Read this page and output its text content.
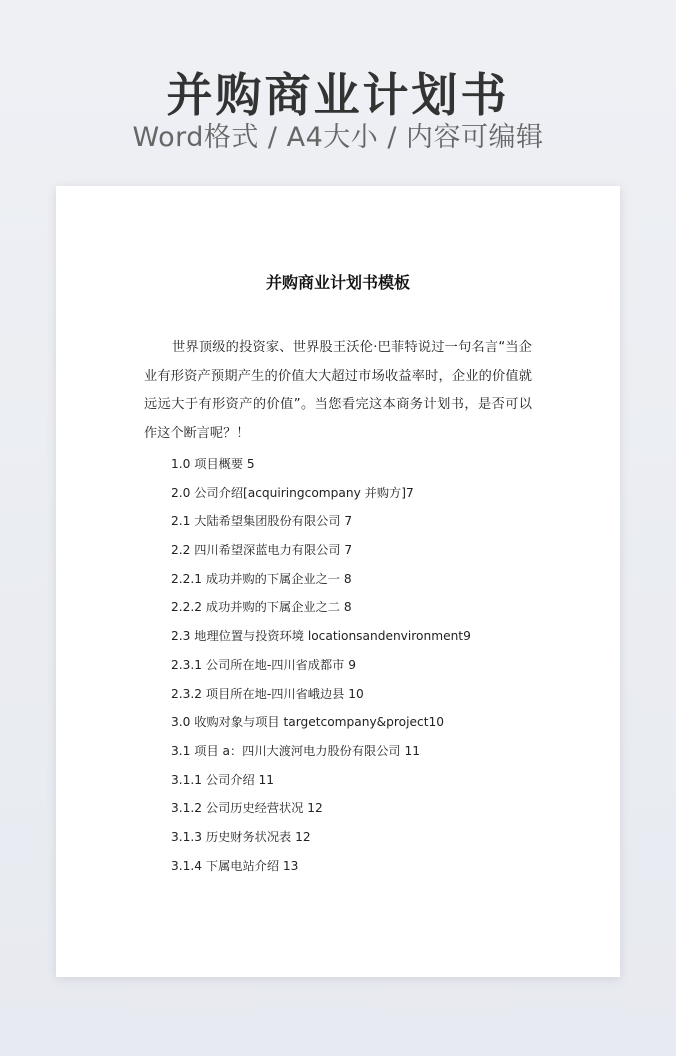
并购商业计划书
Word格式 / A4大小 / 内容可编辑
并购商业计划书模板

世界顶级的投资家、世界股王沃伦·巴菲特说过一句名言“当企业有形资产预期产生的价值大大超过市场收益率时，企业的价值就远远大于有形资产的价值”。当您看完这本商务计划书，是否可以作这个断言呢？！

1.0 项目概要 5
2.0 公司介绍[acquiringcompany 并购方]7
2.1 大陆希望集团股份有限公司 7
2.2 四川希望深蓝电力有限公司 7
2.2.1 成功并购的下属企业之一 8
2.2.2 成功并购的下属企业之二 8
2.3 地理位置与投资环境 locationsandenvironment9
2.3.1 公司所在地-四川省成都市 9
2.3.2 项目所在地-四川省峨边县 10
3.0 收购对象与项目 targetcompany&project10
3.1 项目 a：四川大渡河电力股份有限公司 11
3.1.1 公司介绍 11
3.1.2 公司历史经营状况 12
3.1.3 历史财务状况表 12
3.1.4 下属电站介绍 13
